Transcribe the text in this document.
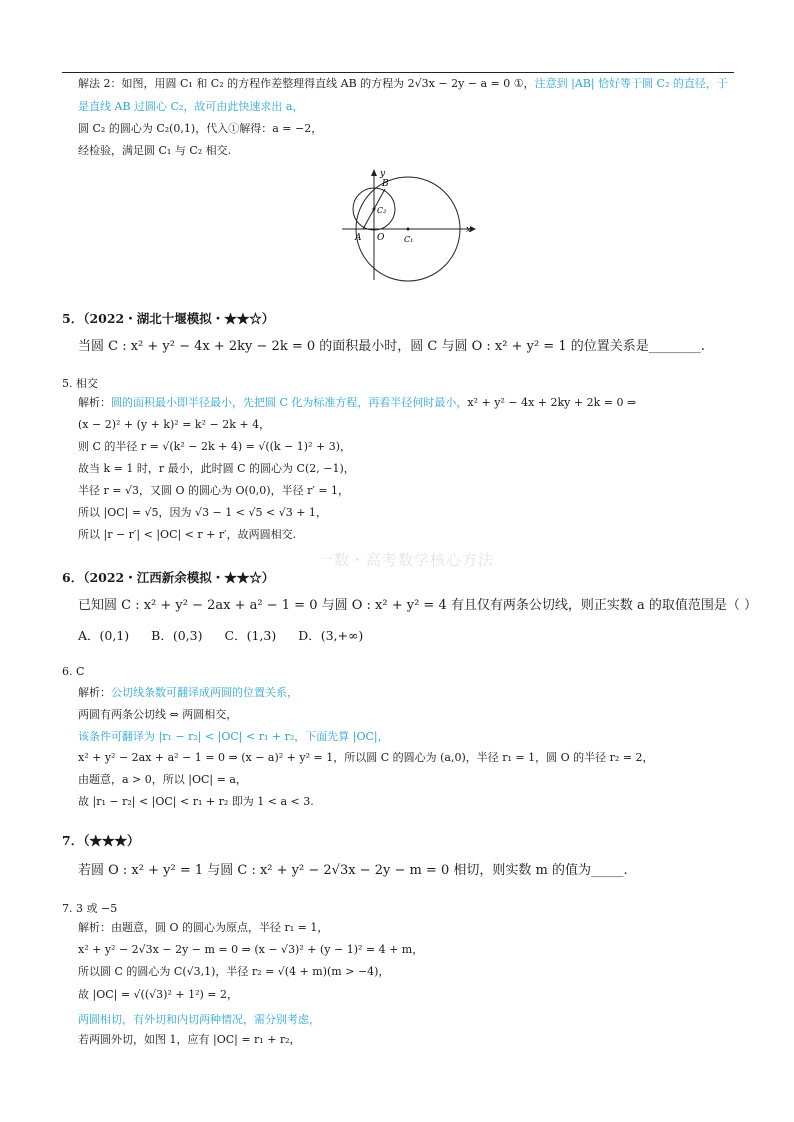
解法 2：如图，用圆 C₁ 和 C₂ 的方程作差整理得直线 AB 的方程为 2√3x − 2y − a = 0 ①，注意到 |AB| 恰好等于圆 C₂ 的直径，于
是直线 AB 过圆心 C₂，故可由此快速求出 a，
圆 C₂ 的圆心为 C₂(0,1)，代入①解得：a = −2，
经检验，满足圆 C₁ 与 C₂ 相交.
y
x
B
A O
C₂
C₁
5．（2022・湖北十堰模拟・★★☆）
当圆 C : x² + y² − 4x + 2ky − 2k = 0 的面积最小时，圆 C 与圆 O : x² + y² = 1 的位置关系是________.
5. 相交
解析：圆的面积最小即半径最小，先把圆 C 化为标准方程，再看半径何时最小，x² + y² − 4x + 2ky + 2k = 0 ⇒
(x − 2)² + (y + k)² = k² − 2k + 4，
则 C 的半径 r = √(k² − 2k + 4) = √((k − 1)² + 3)，
故当 k = 1 时，r 最小，此时圆 C 的圆心为 C(2, −1)，
半径 r = √3，又圆 O 的圆心为 O(0,0)，半径 r′ = 1，
所以 |OC| = √5，因为 √3 − 1 < √5 < √3 + 1，
所以 |r − r′| < |OC| < r + r′，故两圆相交.
一数・高考数学核心方法
6．（2022・江西新余模拟・★★☆）
已知圆 C : x² + y² − 2ax + a² − 1 = 0 与圆 O : x² + y² = 4 有且仅有两条公切线，则正实数 a 的取值范围是（ ）
A．(0,1) B．(0,3) C．(1,3) D．(3,+∞)
6. C
解析：公切线条数可翻译成两圆的位置关系，
两圆有两条公切线 ⇔ 两圆相交，
该条件可翻译为 |r₁ − r₂| < |OC| < r₁ + r₂，下面先算 |OC|，
x² + y² − 2ax + a² − 1 = 0 ⇒ (x − a)² + y² = 1，所以圆 C 的圆心为 (a,0)，半径 r₁ = 1，圆 O 的半径 r₂ = 2，
由题意，a > 0，所以 |OC| = a，
故 |r₁ − r₂| < |OC| < r₁ + r₂ 即为 1 < a < 3.
7．（★★★）
若圆 O : x² + y² = 1 与圆 C : x² + y² − 2√3x − 2y − m = 0 相切，则实数 m 的值为_____.
7. 3 或 −5
解析：由题意，圆 O 的圆心为原点，半径 r₁ = 1，
x² + y² − 2√3x − 2y − m = 0 ⇒ (x − √3)² + (y − 1)² = 4 + m，
所以圆 C 的圆心为 C(√3,1)，半径 r₂ = √(4 + m)(m > −4)，
故 |OC| = √((√3)² + 1²) = 2，
两圆相切，有外切和内切两种情况，需分别考虑，
若两圆外切，如图 1，应有 |OC| = r₁ + r₂，
